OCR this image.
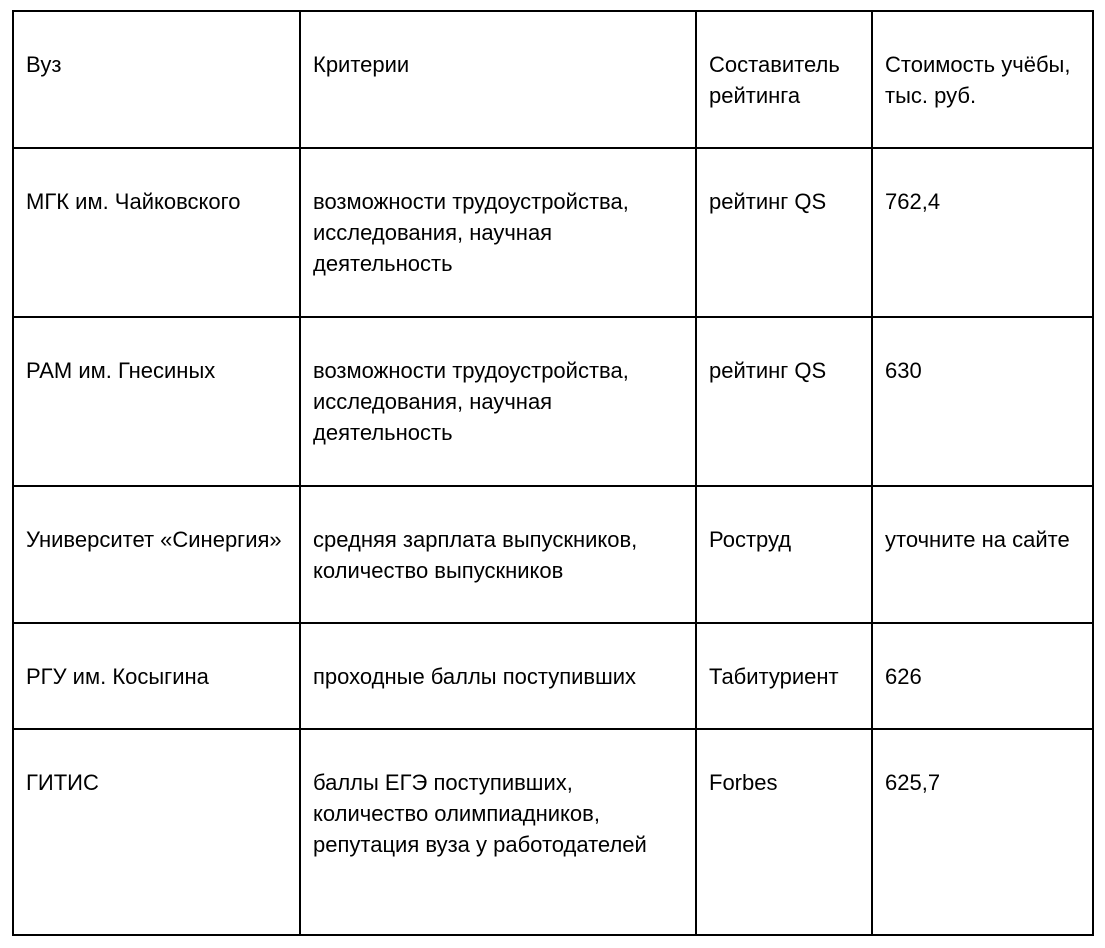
Вуз	Критерии	Составитель рейтинга	Стоимость учёбы, тыс. руб.
МГК им. Чайковского	возможности трудоустройства, исследования, научная деятельность	рейтинг QS	762,4
РАМ им. Гнесиных	возможности трудоустройства, исследования, научная деятельность	рейтинг QS	630
Университет «Синергия»	средняя зарплата выпускников, количество выпускников	Роструд	уточните на сайте
РГУ им. Косыгина	проходные баллы поступивших	Табитуриент	626
ГИТИС	баллы ЕГЭ поступивших, количество олимпиадников, репутация вуза у работодателей	Forbes	625,7
